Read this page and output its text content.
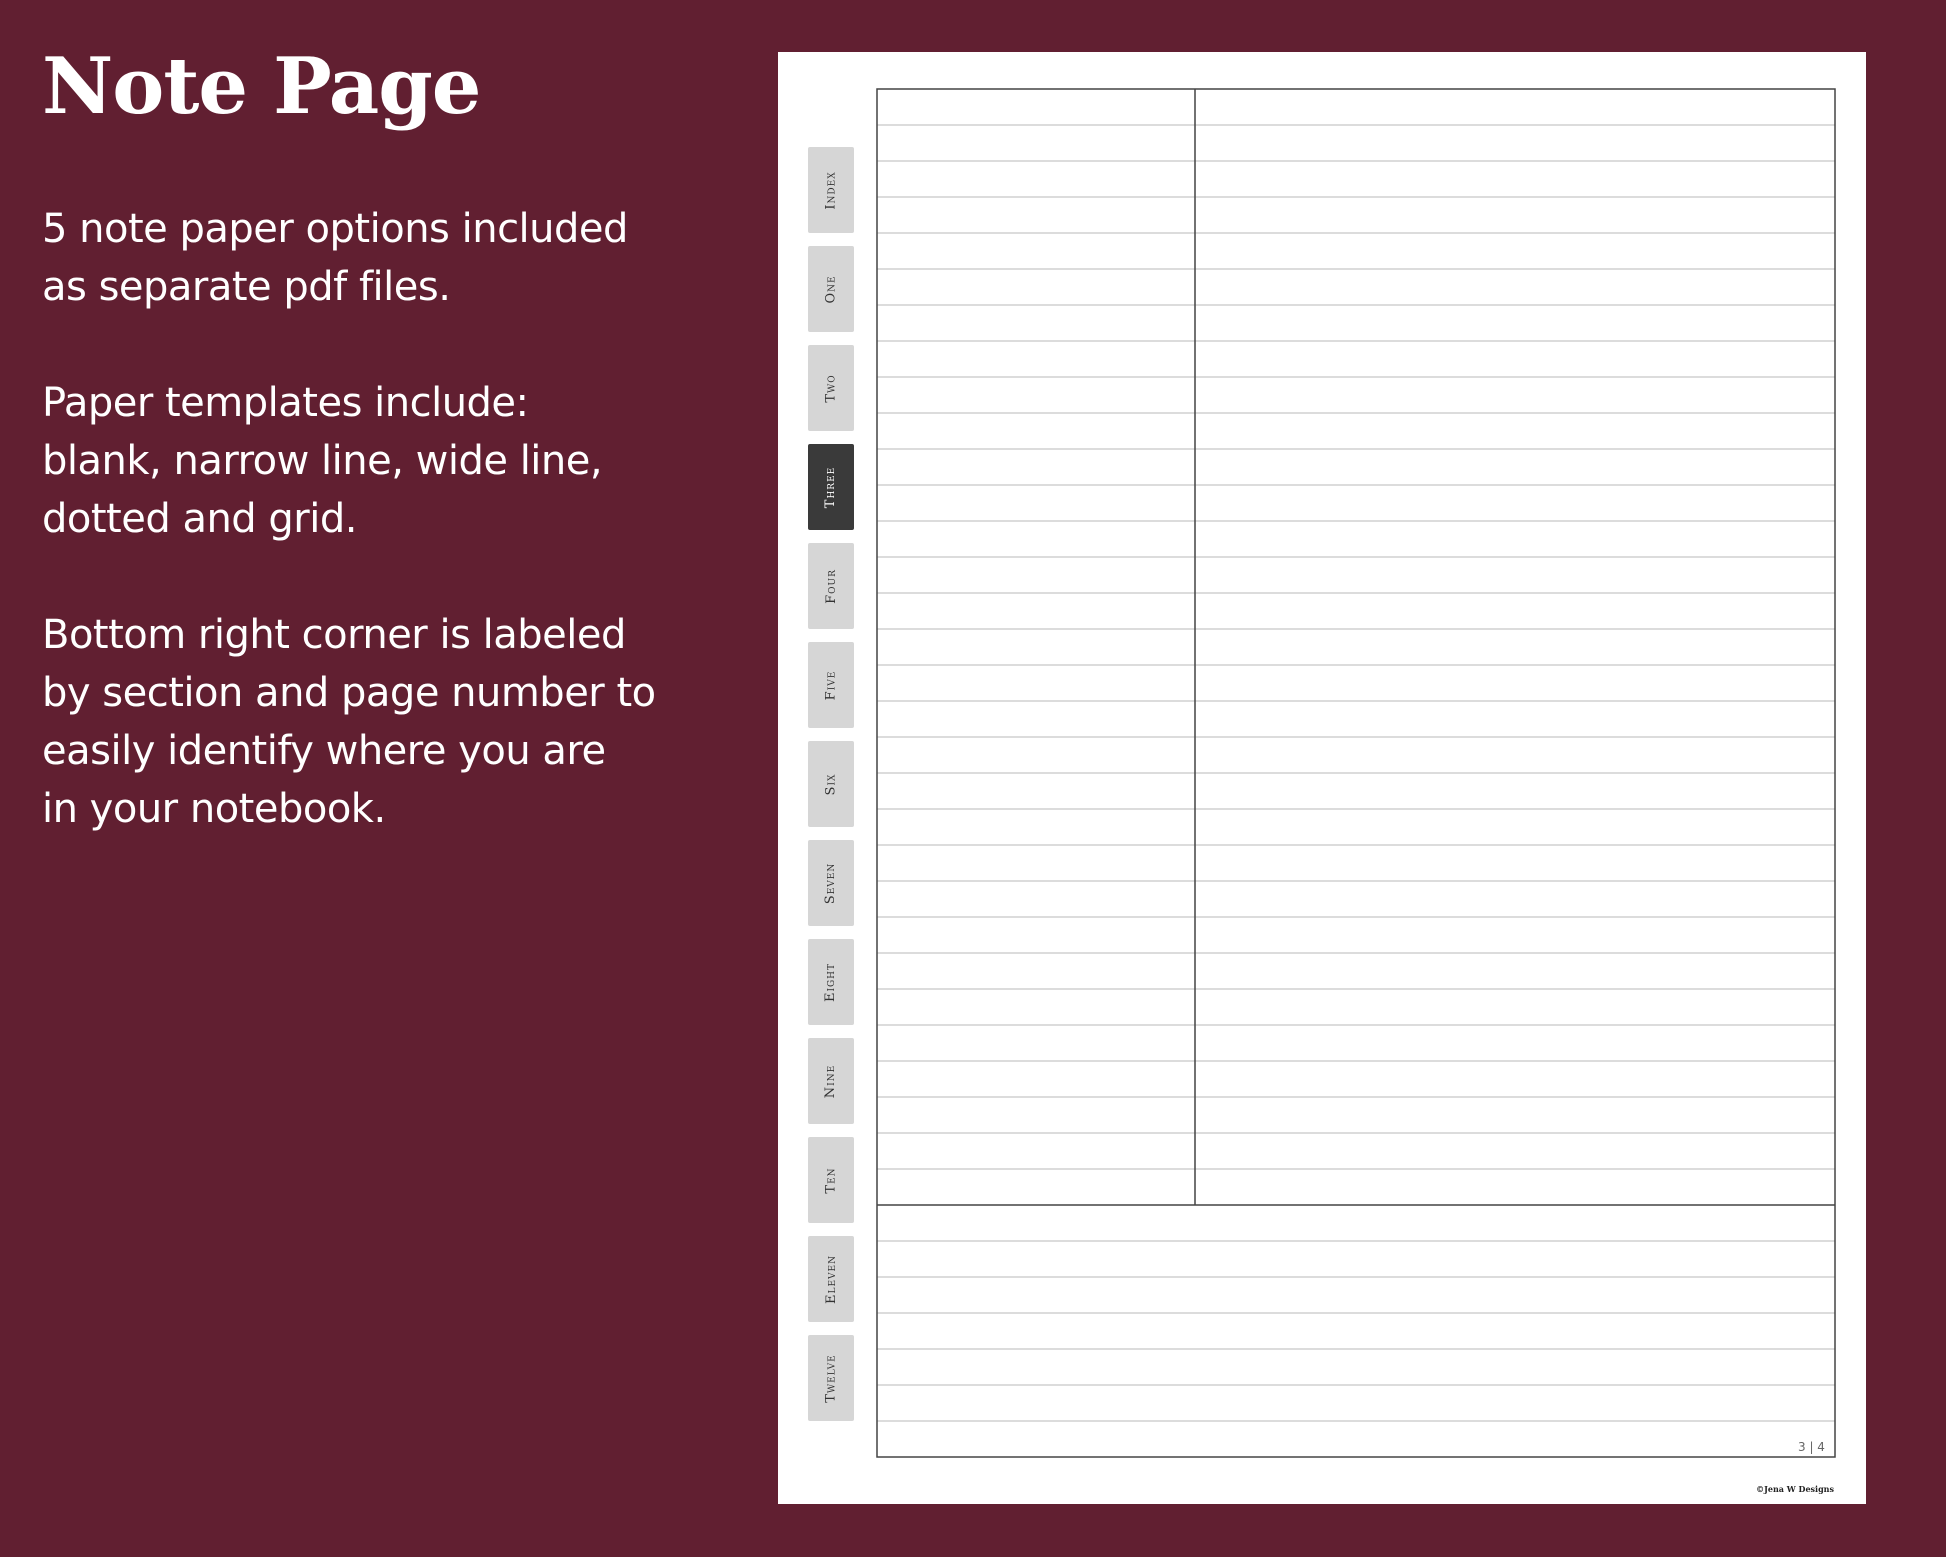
Note Page
5 note paper options included
as separate pdf files.
Paper templates include:
blank, narrow line, wide line,
dotted and grid.
Bottom right corner is labeled
by section and page number to
easily identify where you are
in your notebook.
Index
One
Two
Three
Four
Five
Six
Seven
Eight
Nine
Ten
Eleven
Twelve
3 | 4
©Jena W Designs
